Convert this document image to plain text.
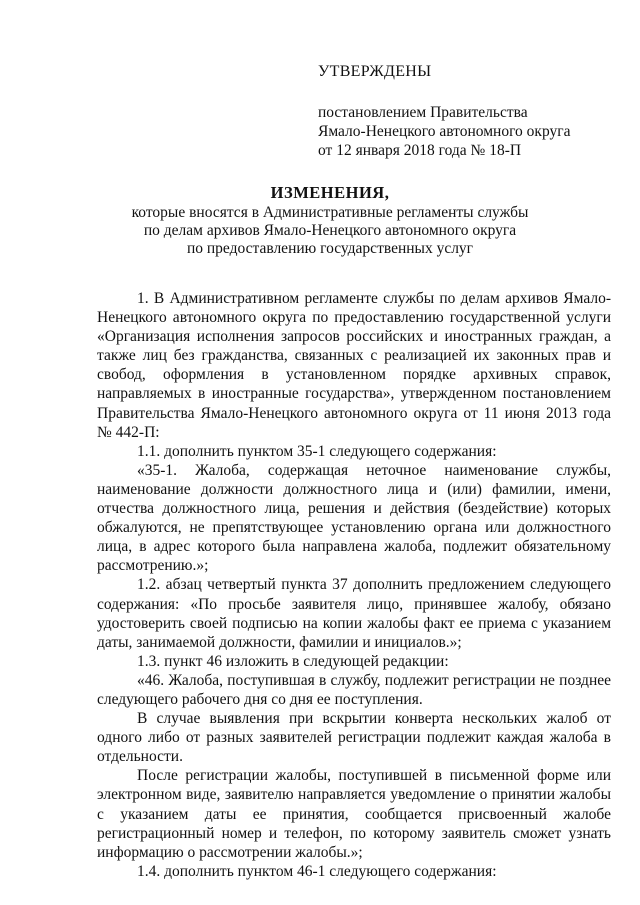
УТВЕРЖДЕНЫ
постановлением Правительства
Ямало-Ненецкого автономного округа
от 12 января 2018 года № 18-П
ИЗМЕНЕНИЯ,
которые вносятся в Административные регламенты службы
по делам архивов Ямало-Ненецкого автономного округа
по предоставлению государственных услуг

1. В Административном регламенте службы по делам архивов Ямало-Ненецкого автономного округа по предоставлению государственной услуги «Организация исполнения запросов российских и иностранных граждан, а также лиц без гражданства, связанных с реализацией их законных прав и свобод, оформления в установленном порядке архивных справок, направляемых в иностранные государства», утвержденном постановлением Правительства Ямало-Ненецкого автономного округа от 11 июня 2013 года № 442-П:

1.1. дополнить пунктом 35-1 следующего содержания:

«35-1. Жалоба, содержащая неточное наименование службы, наименование должности должностного лица и (или) фамилии, имени, отчества должностного лица, решения и действия (бездействие) которых обжалуются, не препятствующее установлению органа или должностного лица, в адрес которого была направлена жалоба, подлежит обязательному рассмотрению.»;

1.2. абзац четвертый пункта 37 дополнить предложением следующего содержания: «По просьбе заявителя лицо, принявшее жалобу, обязано удостоверить своей подписью на копии жалобы факт ее приема с указанием даты, занимаемой должности, фамилии и инициалов.»;

1.3. пункт 46 изложить в следующей редакции:

«46. Жалоба, поступившая в службу, подлежит регистрации не позднее следующего рабочего дня со дня ее поступления.

В случае выявления при вскрытии конверта нескольких жалоб от одного либо от разных заявителей регистрации подлежит каждая жалоба в отдельности.

После регистрации жалобы, поступившей в письменной форме или электронном виде, заявителю направляется уведомление о принятии жалобы с указанием даты ее принятия, сообщается присвоенный жалобе регистрационный номер и телефон, по которому заявитель сможет узнать информацию о рассмотрении жалобы.»;

1.4. дополнить пунктом 46-1 следующего содержания:
